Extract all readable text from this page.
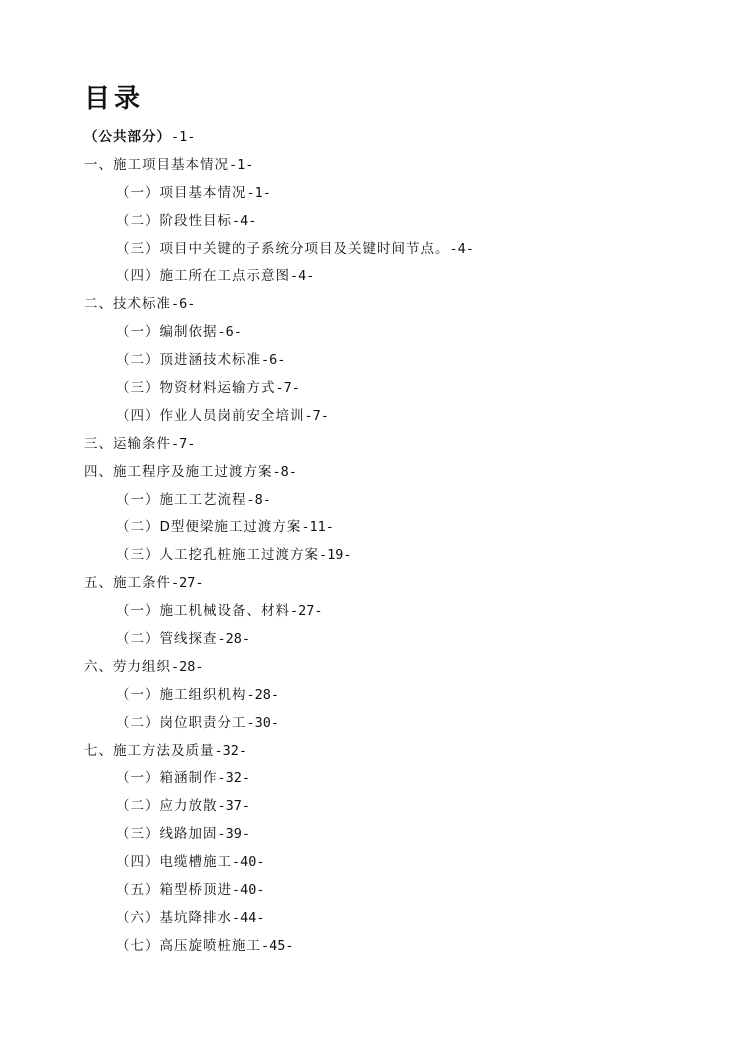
目录
（公共部分）-1-
一、施工项目基本情况-1-
（一）项目基本情况-1-
（二）阶段性目标-4-
（三）项目中关键的子系统分项目及关键时间节点。-4-
（四）施工所在工点示意图-4-
二、技术标准-6-
（一）编制依据-6-
（二）顶进涵技术标准-6-
（三）物资材料运输方式-7-
（四）作业人员岗前安全培训-7-
三、运输条件-7-
四、施工程序及施工过渡方案-8-
（一）施工工艺流程-8-
（二）D型便梁施工过渡方案-11-
（三）人工挖孔桩施工过渡方案-19-
五、施工条件-27-
（一）施工机械设备、材料-27-
（二）管线探查-28-
六、劳力组织-28-
（一）施工组织机构-28-
（二）岗位职责分工-30-
七、施工方法及质量-32-
（一）箱涵制作-32-
（二）应力放散-37-
（三）线路加固-39-
（四）电缆槽施工-40-
（五）箱型桥顶进-40-
（六）基坑降排水-44-
（七）高压旋喷桩施工-45-
